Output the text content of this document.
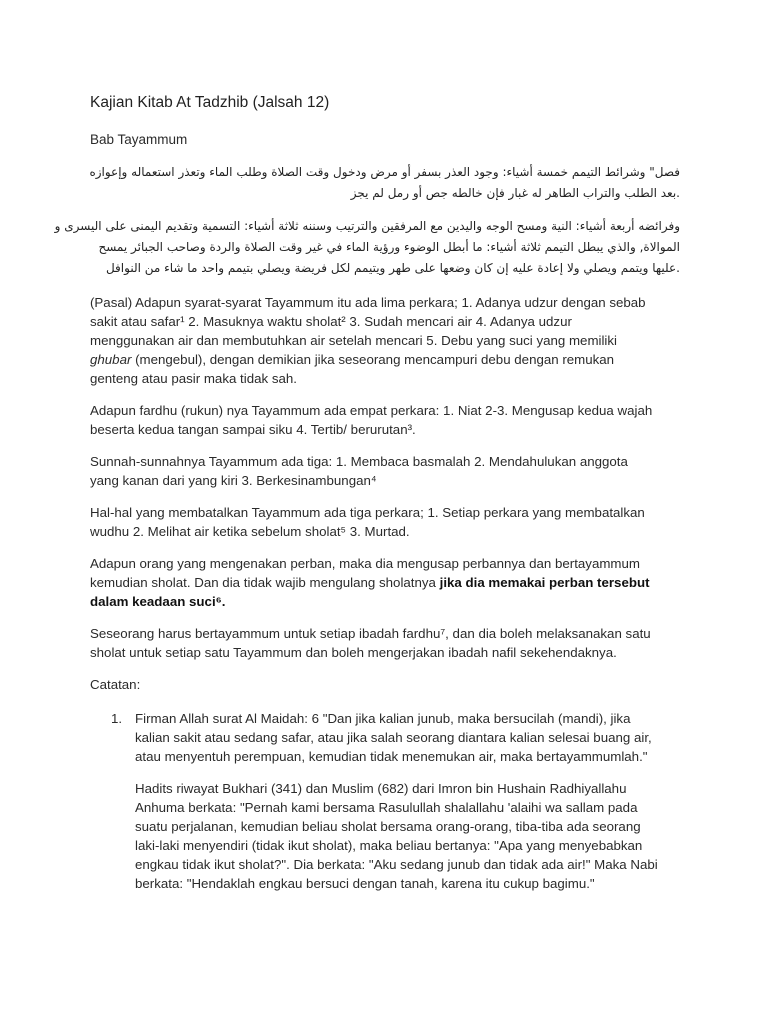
Kajian Kitab At Tadzhib (Jalsah 12)
Bab Tayammum
فصل" وشرائط التيمم خمسة أشياء: وجود العذر بسفر أو مرض ودخول وقت الصلاة وطلب الماء وتعذر استعماله وإعوازه
.بعد الطلب والتراب الطاهر له غبار فإن خالطه جص أو رمل لم يجز
وفرائضه أربعة أشياء: النية ومسح الوجه واليدين مع المرفقين والترتيب وسننه ثلاثة أشياء: التسمية وتقديم اليمنى على اليسرى و
الموالاة, والذي يبطل التيمم ثلاثة أشياء: ما أبطل الوضوء ورؤية الماء في غير وقت الصلاة والردة وصاحب الجبائر يمسح
.عليها ويتمم ويصلي ولا إعادة عليه إن كان وضعها على طهر ويتيمم لكل فريضة ويصلي بتيمم واحد ما شاء من النوافل
(Pasal) Adapun syarat-syarat Tayammum itu ada lima perkara; 1. Adanya udzur dengan sebab
sakit atau safar¹ 2. Masuknya waktu sholat² 3. Sudah mencari air 4. Adanya udzur
menggunakan air dan membutuhkan air setelah mencari 5. Debu yang suci yang memiliki
ghubar (mengebul), dengan demikian jika seseorang mencampuri debu dengan remukan
genteng atau pasir maka tidak sah.
Adapun fardhu (rukun) nya Tayammum ada empat perkara: 1. Niat 2-3. Mengusap kedua wajah
beserta kedua tangan sampai siku 4. Tertib/ berurutan³.
Sunnah-sunnahnya Tayammum ada tiga: 1. Membaca basmalah 2. Mendahulukan anggota
yang kanan dari yang kiri 3. Berkesinambungan⁴
Hal-hal yang membatalkan Tayammum ada tiga perkara; 1. Setiap perkara yang membatalkan
wudhu 2. Melihat air ketika sebelum sholat⁵ 3. Murtad.
Adapun orang yang mengenakan perban, maka dia mengusap perbannya dan bertayammum
kemudian sholat. Dan dia tidak wajib mengulang sholatnya jika dia memakai perban tersebut
dalam keadaan suci⁶.
Seseorang harus bertayammum untuk setiap ibadah fardhu⁷, dan dia boleh melaksanakan satu
sholat untuk setiap satu Tayammum dan boleh mengerjakan ibadah nafil sekehendaknya.
Catatan:
1. Firman Allah surat Al Maidah: 6 "Dan jika kalian junub, maka bersucilah (mandi), jika
kalian sakit atau sedang safar, atau jika salah seorang diantara kalian selesai buang air,
atau menyentuh perempuan, kemudian tidak menemukan air, maka bertayammumlah."
Hadits riwayat Bukhari (341) dan Muslim (682) dari Imron bin Hushain Radhiyallahu
Anhuma berkata: "Pernah kami bersama Rasulullah shalallahu 'alaihi wa sallam pada
suatu perjalanan, kemudian beliau sholat bersama orang-orang, tiba-tiba ada seorang
laki-laki menyendiri (tidak ikut sholat), maka beliau bertanya: "Apa yang menyebabkan
engkau tidak ikut sholat?". Dia berkata: "Aku sedang junub dan tidak ada air!" Maka Nabi
berkata: "Hendaklah engkau bersuci dengan tanah, karena itu cukup bagimu."
